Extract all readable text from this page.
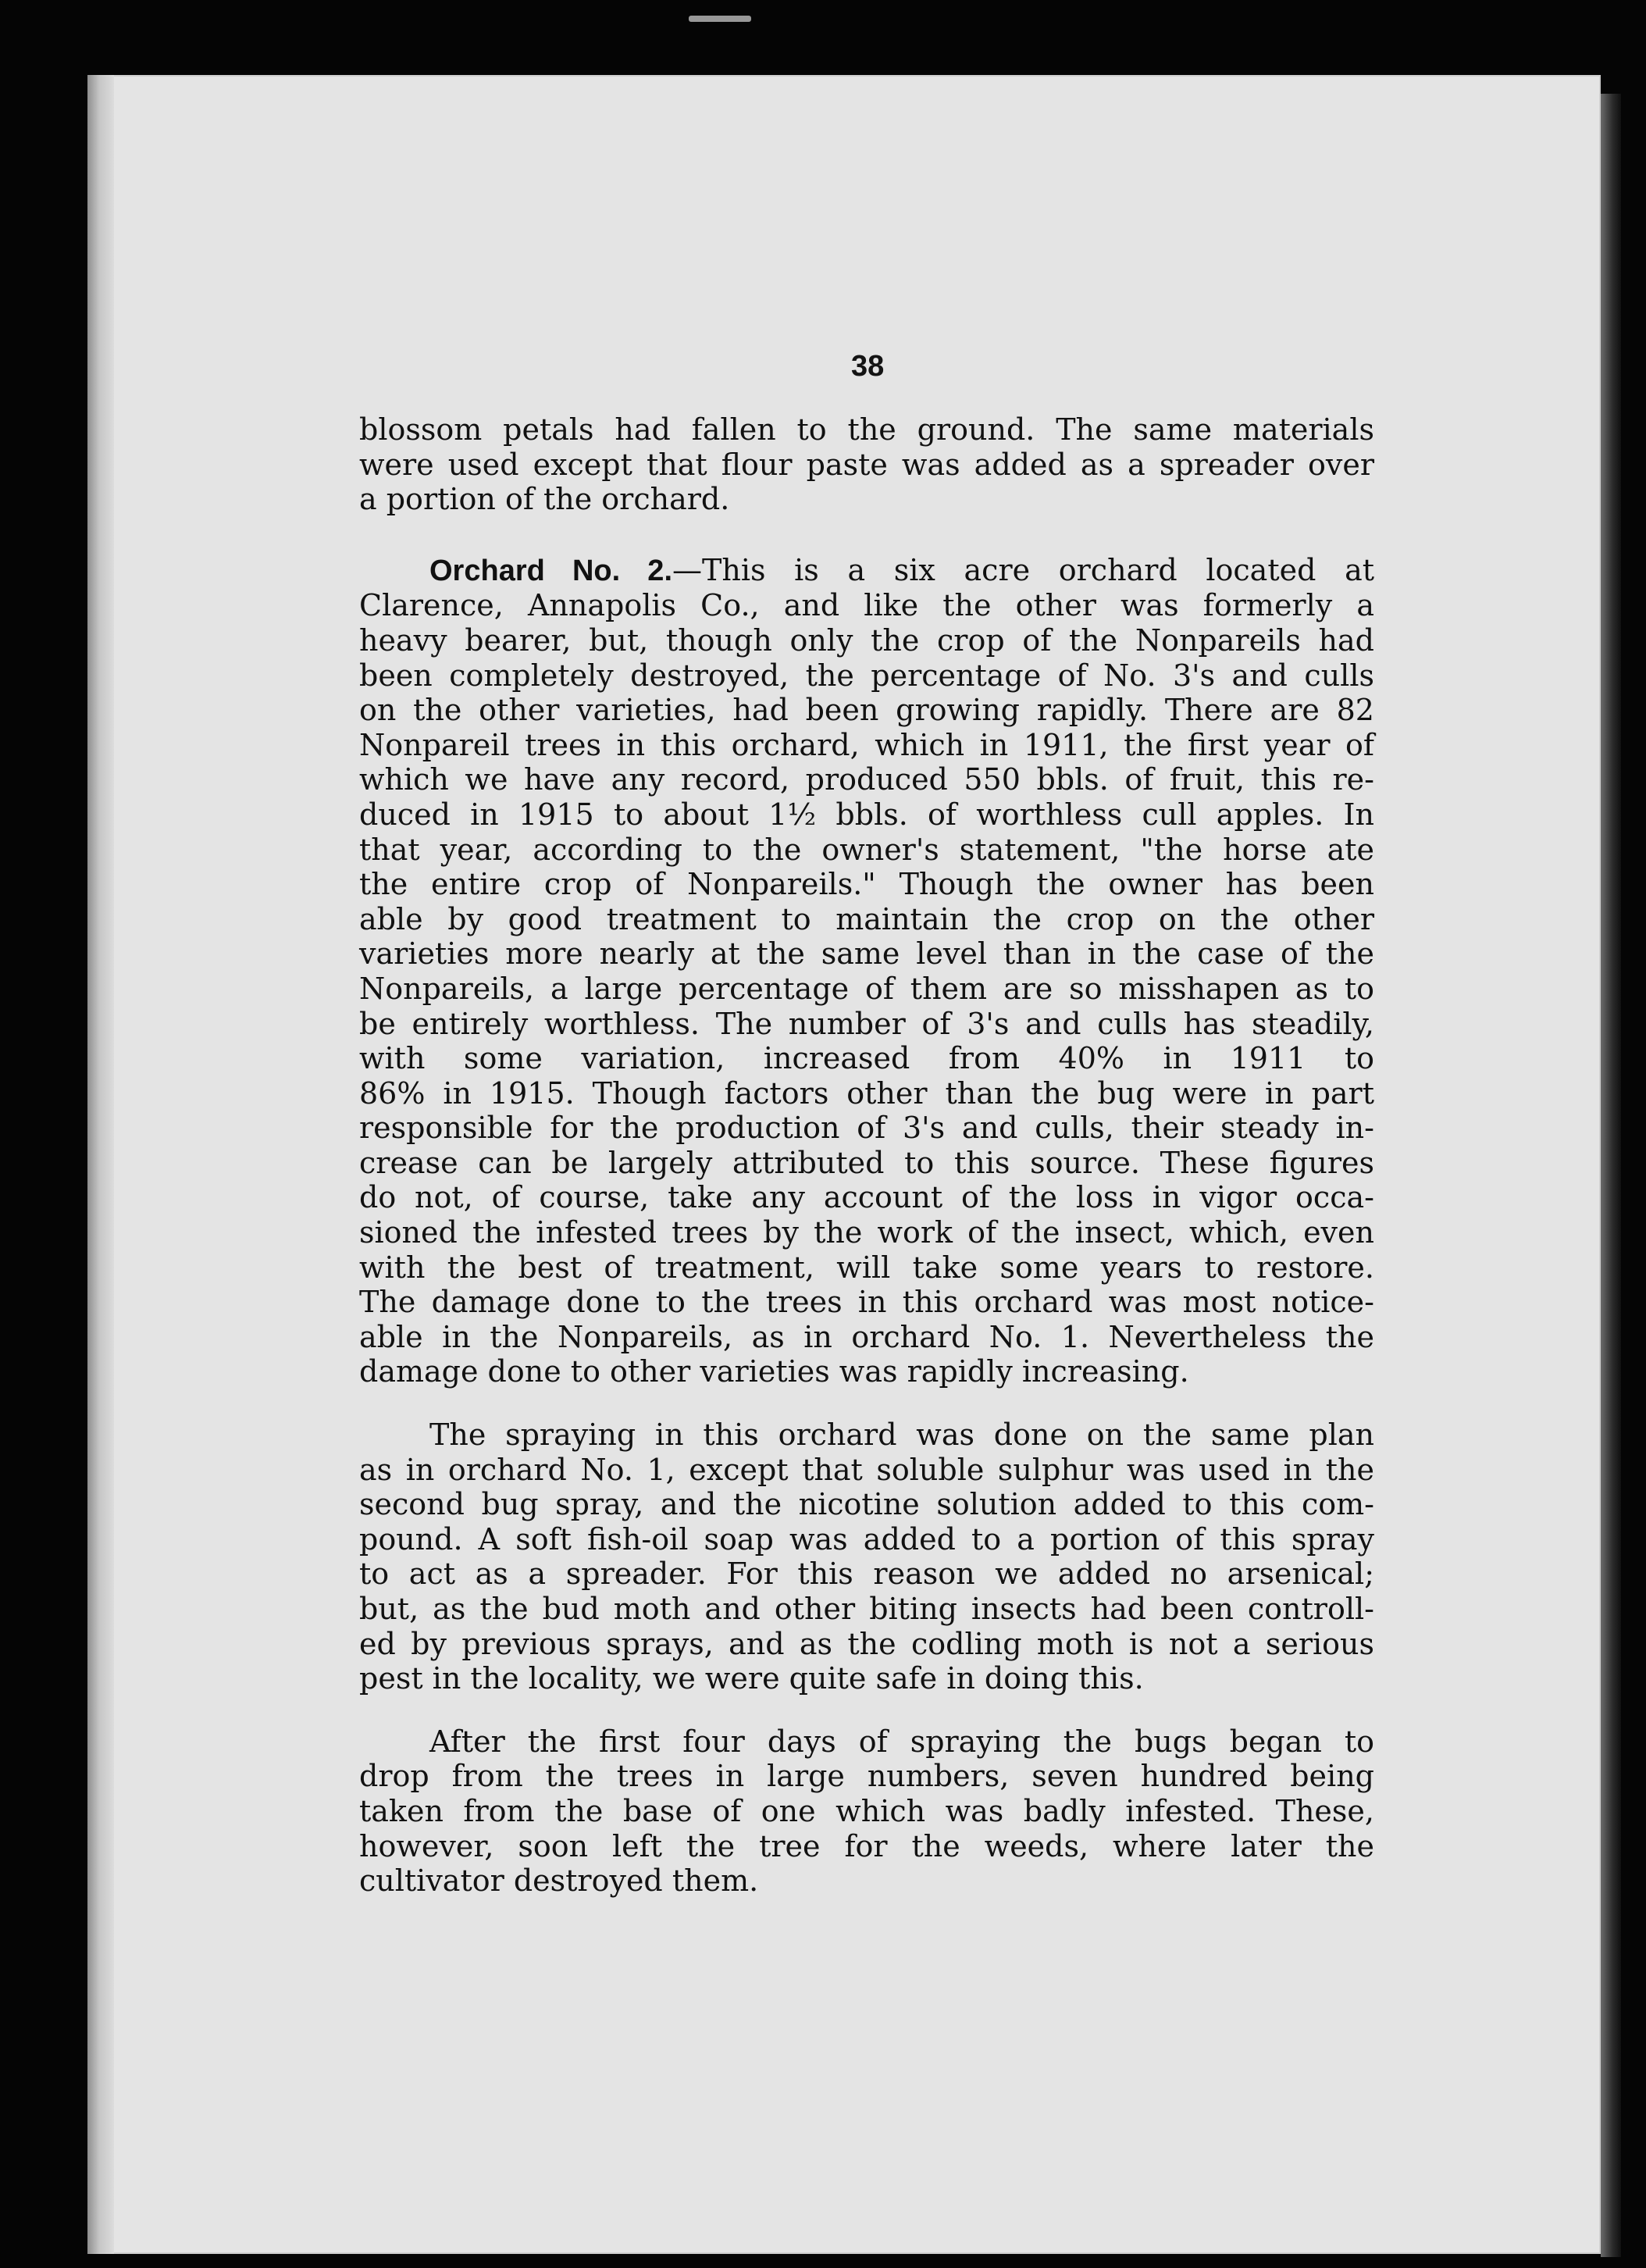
38

blossom petals had fallen to the ground. The same materials
were used except that flour paste was added as a spreader over
a portion of the orchard.

Orchard No. 2.—This is a six acre orchard located at
Clarence, Annapolis Co., and like the other was formerly a
heavy bearer, but, though only the crop of the Nonpareils had
been completely destroyed, the percentage of No. 3's and culls
on the other varieties, had been growing rapidly. There are 82
Nonpareil trees in this orchard, which in 1911, the first year of
which we have any record, produced 550 bbls. of fruit, this re-
duced in 1915 to about 1½ bbls. of worthless cull apples. In
that year, according to the owner's statement, "the horse ate
the entire crop of Nonpareils." Though the owner has been
able by good treatment to maintain the crop on the other
varieties more nearly at the same level than in the case of the
Nonpareils, a large percentage of them are so misshapen as to
be entirely worthless. The number of 3's and culls has steadily,
with some variation, increased from 40% in 1911 to
86% in 1915. Though factors other than the bug were in part
responsible for the production of 3's and culls, their steady in-
crease can be largely attributed to this source. These figures
do not, of course, take any account of the loss in vigor occa-
sioned the infested trees by the work of the insect, which, even
with the best of treatment, will take some years to restore.
The damage done to the trees in this orchard was most notice-
able in the Nonpareils, as in orchard No. 1. Nevertheless the
damage done to other varieties was rapidly increasing.

The spraying in this orchard was done on the same plan
as in orchard No. 1, except that soluble sulphur was used in the
second bug spray, and the nicotine solution added to this com-
pound. A soft fish-oil soap was added to a portion of this spray
to act as a spreader. For this reason we added no arsenical;
but, as the bud moth and other biting insects had been controll-
ed by previous sprays, and as the codling moth is not a serious
pest in the locality, we were quite safe in doing this.

After the first four days of spraying the bugs began to
drop from the trees in large numbers, seven hundred being
taken from the base of one which was badly infested. These,
however, soon left the tree for the weeds, where later the
cultivator destroyed them.
